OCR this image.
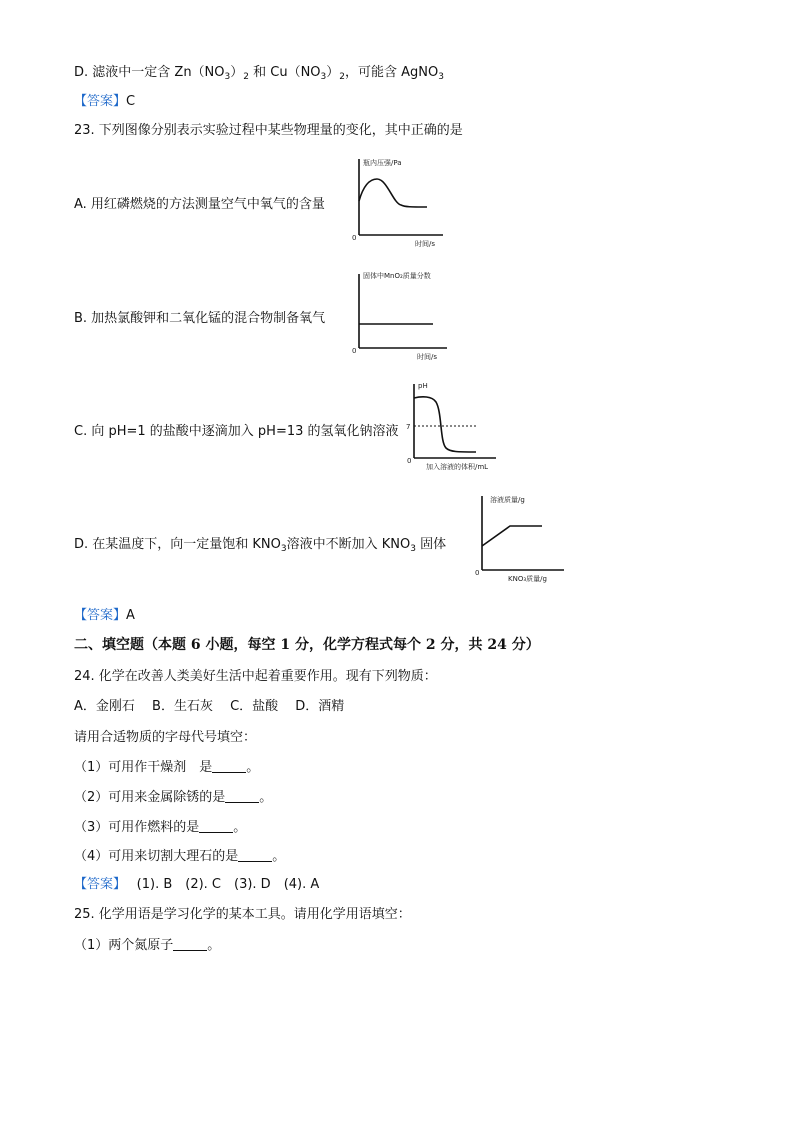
D. 滤液中一定含 $Zn(NO_3)_2$ 和 $Cu(NO_3)_2$，可能含 AgNO$_3$
【答案】C
23. 下列图像分别表示实验过程中某些物理量的变化，其中正确的是
A. 用红磷燃烧的方法测量空气中氧气的含量
B. 加热氯酸钾和二氧化锰的混合物制备氧气
C. 向 pH=1 的盐酸中逐滴加入 pH=13 的氢氧化钠溶液
D. 在某温度下，向一定量饱和 $KNO_3$溶液中不断加入 $KNO_3$ 固体
瓶内压强/Pa
时间/s
0
固体中MnO₂质量分数
时间/s
0
pH
7
加入溶液的体积/mL
0
溶液质量/g
KNO₃质量/g
0
【答案】A
二、填空题（本题 6 小题，每空 1 分，化学方程式每个 2 分，共 24 分）
24. 化学在改善人类美好生活中起着重要作用。现有下列物质：
A．金刚石　 B．生石灰　 C．盐酸　 D．酒精
请用合适物质的字母代号填空：
（1）可用作干燥剂　是	。
（2）可用来金属除锈的是	。
（3）可用作燃料的是	。
（4）可用来切割大理石的是	。
【答案】　 (1). B　(2). C　(3). D　(4). A
25. 化学用语是学习化学的某本工具。请用化学用语填空：
（1）两个氮原子	。
